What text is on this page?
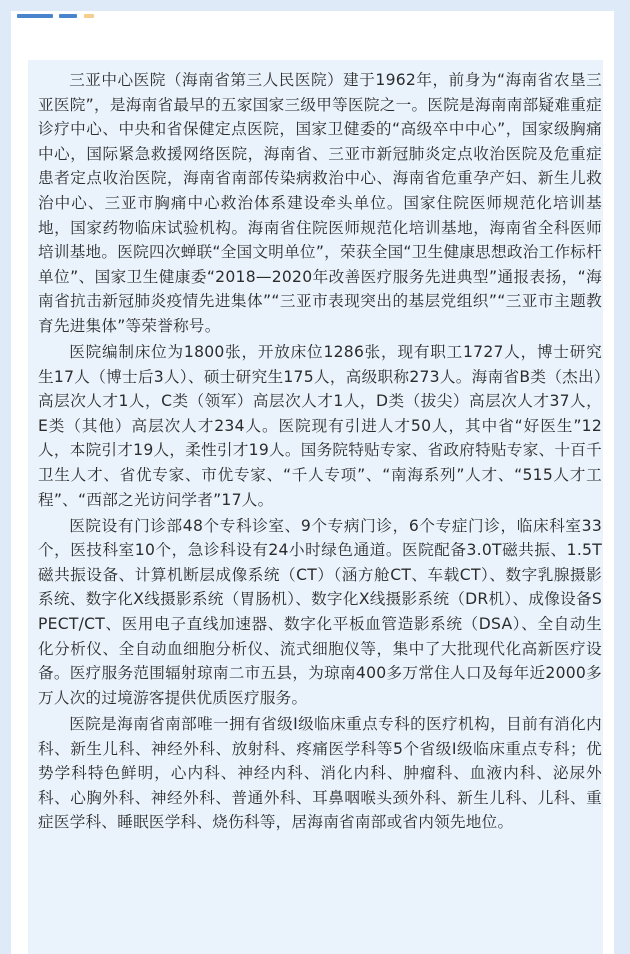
三亚中心医院（海南省第三人民医院）建于1962年，前身为“海南省农垦三亚医院”，是海南省最早的五家国家三级甲等医院之一。医院是海南南部疑难重症诊疗中心、中央和省保健定点医院，国家卫健委的“高级卒中中心”，国家级胸痛中心，国际紧急救援网络医院，海南省、三亚市新冠肺炎定点收治医院及危重症患者定点收治医院，海南省南部传染病救治中心、海南省危重孕产妇、新生儿救治中心、三亚市胸痛中心救治体系建设牵头单位。国家住院医师规范化培训基地，国家药物临床试验机构。海南省住院医师规范化培训基地，海南省全科医师培训基地。医院四次蝉联“全国文明单位”，荣获全国“卫生健康思想政治工作标杆单位”、国家卫生健康委“2018—2020年改善医疗服务先进典型”通报表扬，“海南省抗击新冠肺炎疫情先进集体”“三亚市表现突出的基层党组织”“三亚市主题教育先进集体”等荣誉称号。

医院编制床位为1800张，开放床位1286张，现有职工1727人，博士研究生17人（博士后3人）、硕士研究生175人，高级职称273人。海南省B类（杰出）高层次人才1人，C类（领军）高层次人才1人，D类（拔尖）高层次人才37人，E类（其他）高层次人才234人。医院现有引进人才50人，其中省“好医生”12人，本院引才19人，柔性引才19人。国务院特贴专家、省政府特贴专家、十百千卫生人才、省优专家、市优专家、“千人专项”、“南海系列”人才、“515人才工程”、“西部之光访问学者”17人。

医院设有门诊部48个专科诊室、9个专病门诊，6个专症门诊，临床科室33个，医技科室10个，急诊科设有24小时绿色通道。医院配备3.0T磁共振、1.5T磁共振设备、计算机断层成像系统（CT）（涵方舱CT、车载CT）、数字乳腺摄影系统、数字化X线摄影系统（胃肠机）、数字化X线摄影系统（DR机）、成像设备SPECT/CT、医用电子直线加速器、数字化平板血管造影系统（DSA）、全自动生化分析仪、全自动血细胞分析仪、流式细胞仪等，集中了大批现代化高新医疗设备。医疗服务范围辐射琼南二市五县，为琼南400多万常住人口及每年近2000多万人次的过境游客提供优质医疗服务。

医院是海南省南部唯一拥有省级Ⅰ级临床重点专科的医疗机构，目前有消化内科、新生儿科、神经外科、放射科、疼痛医学科等5个省级Ⅰ级临床重点专科；优势学科特色鲜明，心内科、神经内科、消化内科、肿瘤科、血液内科、泌尿外科、心胸外科、神经外科、普通外科、耳鼻咽喉头颈外科、新生儿科、儿科、重症医学科、睡眠医学科、烧伤科等，居海南省南部或省内领先地位。
